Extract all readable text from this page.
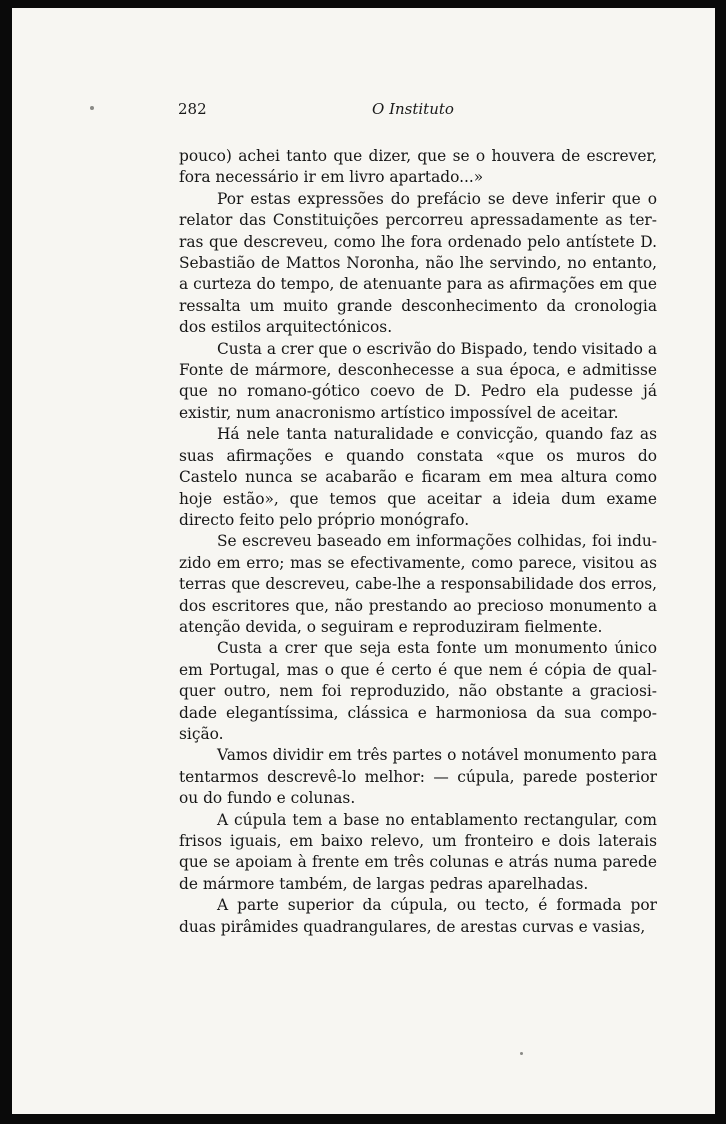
282	O Instituto

pouco) achei tanto que dizer, que se o houvera de escrever, fora necessário ir em livro apartado...»

Por estas expressões do prefácio se deve inferir que o relator das Constituições percorreu apressadamente as terras que descreveu, como lhe fora ordenado pelo antístete D. Sebastião de Mattos Noronha, não lhe servindo, no entanto, a curteza do tempo, de atenuante para as afirmações em que ressalta um muito grande desconhecimento da cronologia dos estilos arquitectónicos.

Custa a crer que o escrivão do Bispado, tendo visitado a Fonte de mármore, desconhecesse a sua época, e admitisse que no romano-gótico coevo de D. Pedro ela pudesse já existir, num anacronismo artístico impossível de aceitar.

Há nele tanta naturalidade e convicção, quando faz as suas afirmações e quando constata «que os muros do Castelo nunca se acabarão e ficaram em mea altura como hoje estão», que temos que aceitar a ideia dum exame directo feito pelo próprio monógrafo.

Se escreveu baseado em informações colhidas, foi induzido em erro; mas se efectivamente, como parece, visitou as terras que descreveu, cabe-lhe a responsabilidade dos erros, dos escritores que, não prestando ao precioso monumento a atenção devida, o seguiram e reproduziram fielmente.

Custa a crer que seja esta fonte um monumento único em Portugal, mas o que é certo é que nem é cópia de qualquer outro, nem foi reproduzido, não obstante a graciosidade elegantíssima, clássica e harmoniosa da sua composição.

Vamos dividir em três partes o notável monumento para tentarmos descrevê-lo melhor: — cúpula, parede posterior ou do fundo e colunas.

A cúpula tem a base no entablamento rectangular, com frisos iguais, em baixo relevo, um fronteiro e dois laterais que se apoiam à frente em três colunas e atrás numa parede de mármore também, de largas pedras aparelhadas.

A parte superior da cúpula, ou tecto, é formada por duas pirâmides quadrangulares, de arestas curvas e vasias,
